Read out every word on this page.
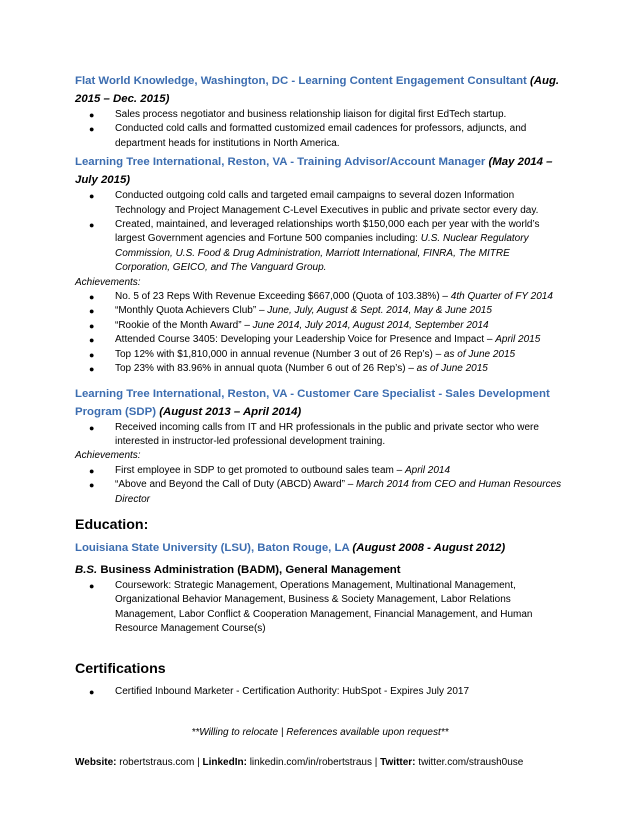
Flat World Knowledge, Washington, DC - Learning Content Engagement Consultant (Aug. 2015 – Dec. 2015)
● Sales process negotiator and business relationship liaison for digital first EdTech startup.
● Conducted cold calls and formatted customized email cadences for professors, adjuncts, and department heads for institutions in North America.
Learning Tree International, Reston, VA - Training Advisor/Account Manager (May 2014 – July 2015)
● Conducted outgoing cold calls and targeted email campaigns to several dozen Information Technology and Project Management C-Level Executives in public and private sector every day.
● Created, maintained, and leveraged relationships worth $150,000 each per year with the world’s largest Government agencies and Fortune 500 companies including: U.S. Nuclear Regulatory Commission, U.S. Food & Drug Administration, Marriott International, FINRA, The MITRE Corporation, GEICO, and The Vanguard Group.
Achievements:
● No. 5 of 23 Reps With Revenue Exceeding $667,000 (Quota of 103.38%) – 4th Quarter of FY 2014
● “Monthly Quota Achievers Club” – June, July, August & Sept. 2014, May & June 2015
● “Rookie of the Month Award” – June 2014, July 2014, August 2014, September 2014
● Attended Course 3405: Developing your Leadership Voice for Presence and Impact – April 2015
● Top 12% with $1,810,000 in annual revenue (Number 3 out of 26 Rep’s) – as of June 2015
● Top 23% with 83.96% in annual quota (Number 6 out of 26 Rep’s) – as of June 2015
Learning Tree International, Reston, VA - Customer Care Specialist - Sales Development Program (SDP) (August 2013 – April 2014)
● Received incoming calls from IT and HR professionals in the public and private sector who were interested in instructor-led professional development training.
Achievements:
● First employee in SDP to get promoted to outbound sales team – April 2014
● “Above and Beyond the Call of Duty (ABCD) Award” – March 2014 from CEO and Human Resources Director
Education:
Louisiana State University (LSU), Baton Rouge, LA (August 2008 - August 2012)
B.S. Business Administration (BADM), General Management
● Coursework: Strategic Management, Operations Management, Multinational Management, Organizational Behavior Management, Business & Society Management, Labor Relations Management, Labor Conflict & Cooperation Management, Financial Management, and Human Resource Management Course(s)
Certifications
● Certified Inbound Marketer - Certification Authority: HubSpot - Expires July 2017
**Willing to relocate | References available upon request**
Website: robertstraus.com | LinkedIn: linkedin.com/in/robertstraus | Twitter: twitter.com/straush0use
